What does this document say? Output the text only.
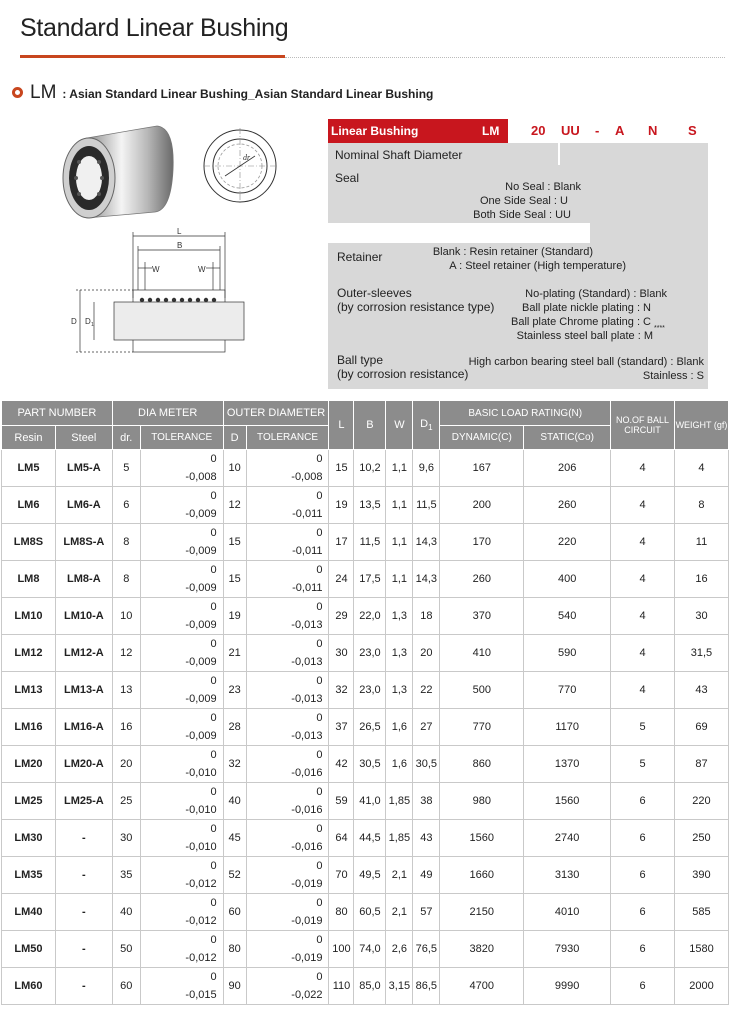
Standard Linear Bushing
LM : Asian Standard Linear Bushing_Asian Standard Linear Bushing
dr
L
B
W	W
D D 1
Linear Bushing	LM 20 UU - A N S
Nominal Shaft Diameter
Seal
No Seal : Blank
One Side Seal : U
Both Side Seal : UU
Retainer	Blank : Resin retainer (Standard)
A : Steel retainer (High temperature)
Outer-sleeves
(by corrosion resistance type)
No-plating (Standard) : Blank
Ball plate nickle plating : N
Ball plate Chrome plating : C
Stainless steel ball plate : M
****
Ball type
(by corrosion resistance)
High carbon bearing steel ball (standard) : Blank
Stainless : S
PART NUMBER		DIA METER		OUTER DIAMETER		L	B	W	$D_1$	BASIC LOAD RATING(N)		NO.OF BALL CIRCUIT	WEIGHT (gf)
Resin	Steel	dr.	TOLERANCE	D	TOLERANCE					DYNAMIC(C)	STATIC(Co)		
LM5	LM5-A	5	0
-0,008	10	0
-0,008	15	10,2	1,1	9,6	167	206	4	4
LM6	LM6-A	6	0
-0,009	12	0
-0,011	19	13,5	1,1	11,5	200	260	4	8
LM8S	LM8S-A	8	0
-0,009	15	0
-0,011	17	11,5	1,1	14,3	170	220	4	11
LM8	LM8-A	8	0
-0,009	15	0
-0,011	24	17,5	1,1	14,3	260	400	4	16
LM10	LM10-A	10	0
-0,009	19	0
-0,013	29	22,0	1,3	18	370	540	4	30
LM12	LM12-A	12	0
-0,009	21	0
-0,013	30	23,0	1,3	20	410	590	4	31,5
LM13	LM13-A	13	0
-0,009	23	0
-0,013	32	23,0	1,3	22	500	770	4	43
LM16	LM16-A	16	0
-0,009	28	0
-0,013	37	26,5	1,6	27	770	1170	5	69
LM20	LM20-A	20	0
-0,010	32	0
-0,016	42	30,5	1,6	30,5	860	1370	5	87
LM25	LM25-A	25	0
-0,010	40	0
-0,016	59	41,0	1,85	38	980	1560	6	220
LM30	-	30	0
-0,010	45	0
-0,016	64	44,5	1,85	43	1560	2740	6	250
LM35	-	35	0
-0,012	52	0
-0,019	70	49,5	2,1	49	1660	3130	6	390
LM40	-	40	0
-0,012	60	0
-0,019	80	60,5	2,1	57	2150	4010	6	585
LM50	-	50	0
-0,012	80	0
-0,019	100	74,0	2,6	76,5	3820	7930	6	1580
LM60	-	60	0
-0,015	90	0
-0,022	110	85,0	3,15	86,5	4700	9990	6	2000
